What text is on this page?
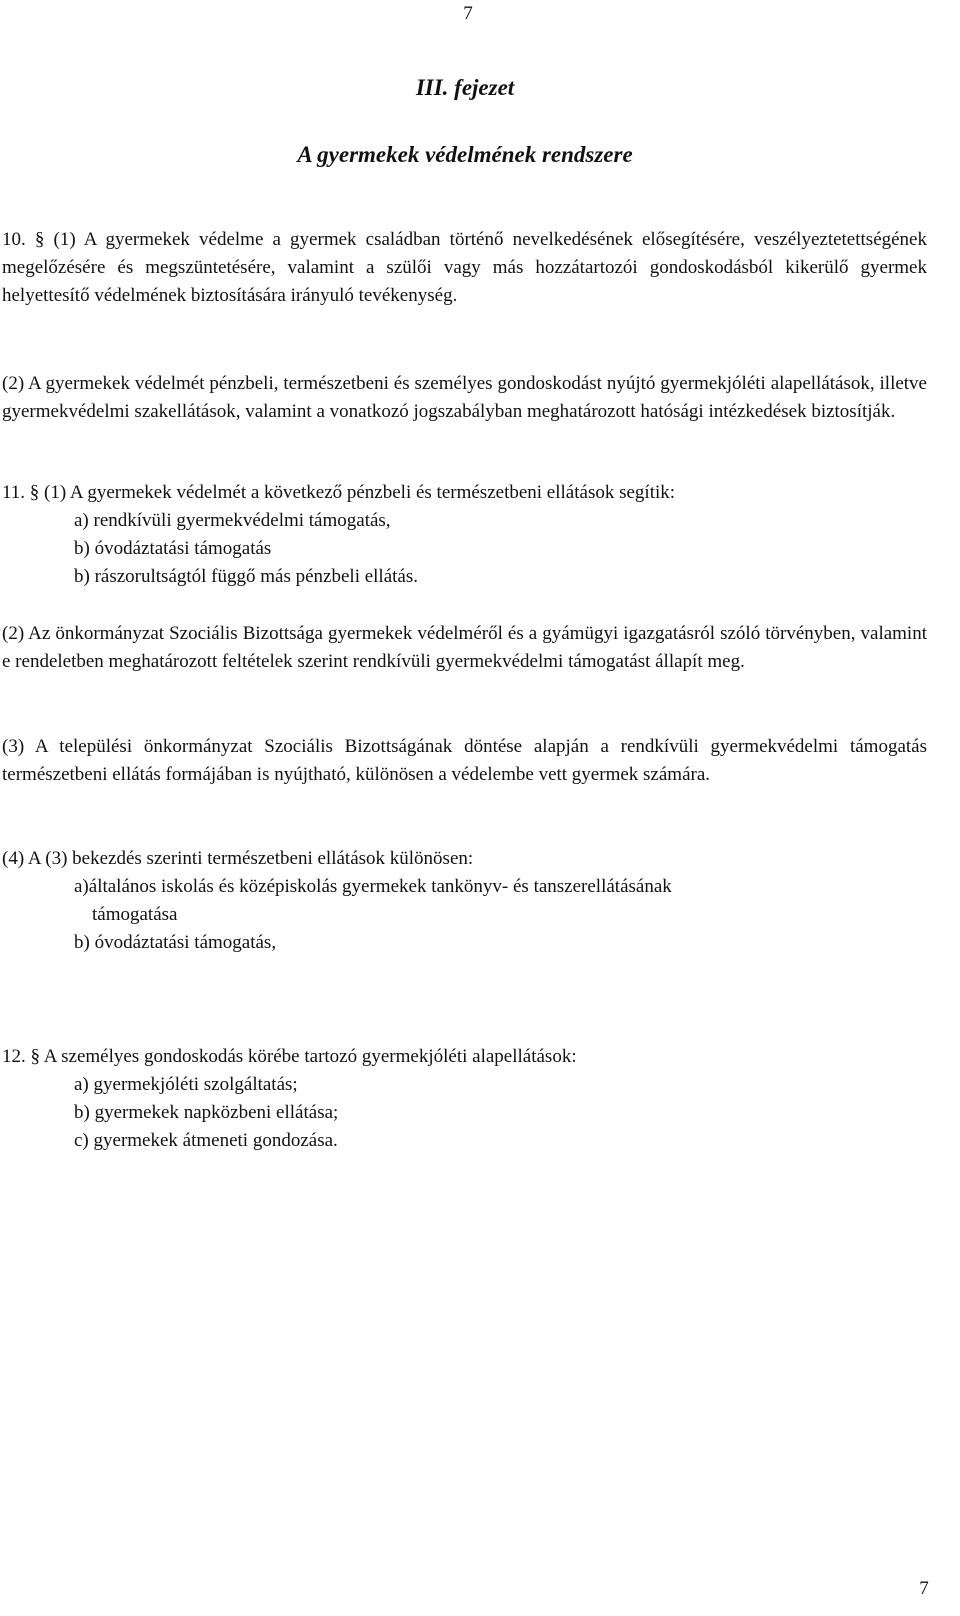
7
III. fejezet
A gyermekek védelmének rendszere

10. § (1) A gyermekek védelme a gyermek családban történő nevelkedésének elősegítésére, veszélyeztetettségének megelőzésére és megszüntetésére, valamint a szülői vagy más hozzátartozói gondoskodásból kikerülő gyermek helyettesítő védelmének biztosítására irányuló tevékenység.

(2) A gyermekek védelmét pénzbeli, természetbeni és személyes gondoskodást nyújtó gyermekjóléti alapellátások, illetve gyermekvédelmi szakellátások, valamint a vonatkozó jogszabályban meghatározott hatósági intézkedések biztosítják.

11. § (1) A gyermekek védelmét a következő pénzbeli és természetbeni ellátások segítik:
a) rendkívüli gyermekvédelmi támogatás,
b) óvodáztatási támogatás
b) rászorultságtól függő más pénzbeli ellátás.

(2) Az önkormányzat Szociális Bizottsága gyermekek védelméről és a gyámügyi igazgatásról szóló törvényben, valamint e rendeletben meghatározott feltételek szerint rendkívüli gyermekvédelmi támogatást állapít meg.

(3) A települési önkormányzat Szociális Bizottságának döntése alapján a rendkívüli gyermekvédelmi támogatás természetbeni ellátás formájában is nyújtható, különösen a védelembe vett gyermek számára.

(4) A (3) bekezdés szerinti természetbeni ellátások különösen:
a)általános iskolás és középiskolás gyermekek tankönyv- és tanszerellátásának
támogatása
b) óvodáztatási támogatás,
12. § A személyes gondoskodás körébe tartozó gyermekjóléti alapellátások:
a) gyermekjóléti szolgáltatás;
b) gyermekek napközbeni ellátása;
c) gyermekek átmeneti gondozása.
7
